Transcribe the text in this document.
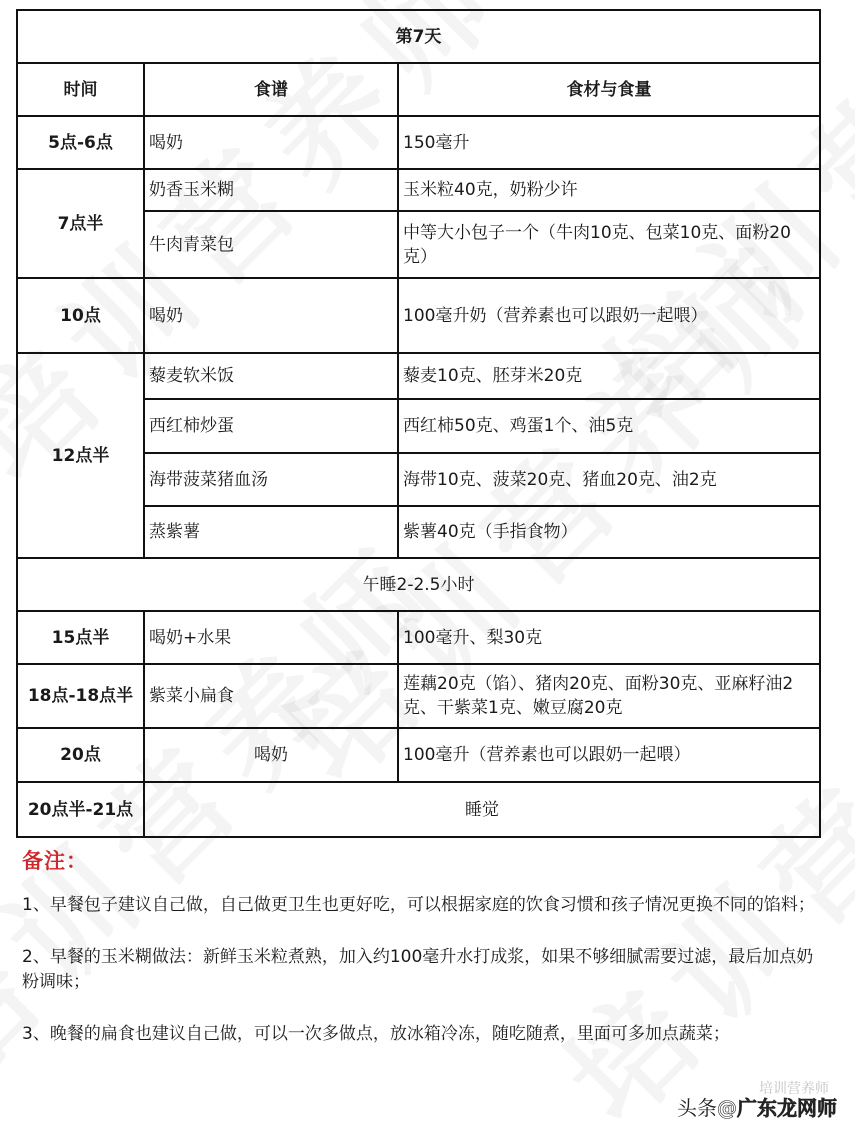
第7天		
时间	食谱	食材与食量
5点-6点	喝奶	150毫升
7点半	奶香玉米糊	玉米粒40克，奶粉少许
	牛肉青菜包	中等大小包子一个（牛肉10克、包菜10克、面粉20克）
10点	喝奶	100毫升奶（营养素也可以跟奶一起喂）
12点半	藜麦软米饭	藜麦10克、胚芽米20克
	西红柿炒蛋	西红柿50克、鸡蛋1个、油5克
	海带菠菜猪血汤	海带10克、菠菜20克、猪血20克、油2克
	蒸紫薯	紫薯40克（手指食物）
午睡2-2.5小时		
15点半	喝奶+水果	100毫升、梨30克
18点-18点半	紫菜小扁食	莲藕20克（馅）、猪肉20克、面粉30克、亚麻籽油2克、干紫菜1克、嫩豆腐20克
20点	喝奶	100毫升（营养素也可以跟奶一起喂）
20点半-21点	睡觉	
备注：

1、早餐包子建议自己做，自己做更卫生也更好吃，可以根据家庭的饮食习惯和孩子情况更换不同的馅料；

2、早餐的玉米糊做法：新鲜玉米粒煮熟，加入约100毫升水打成浆，如果不够细腻需要过滤，最后加点奶粉调味；

3、晚餐的扁食也建议自己做，可以一次多做点，放冰箱冷冻，随吃随煮，里面可多加点蔬菜；

培训营养师
头条@广东龙网师
